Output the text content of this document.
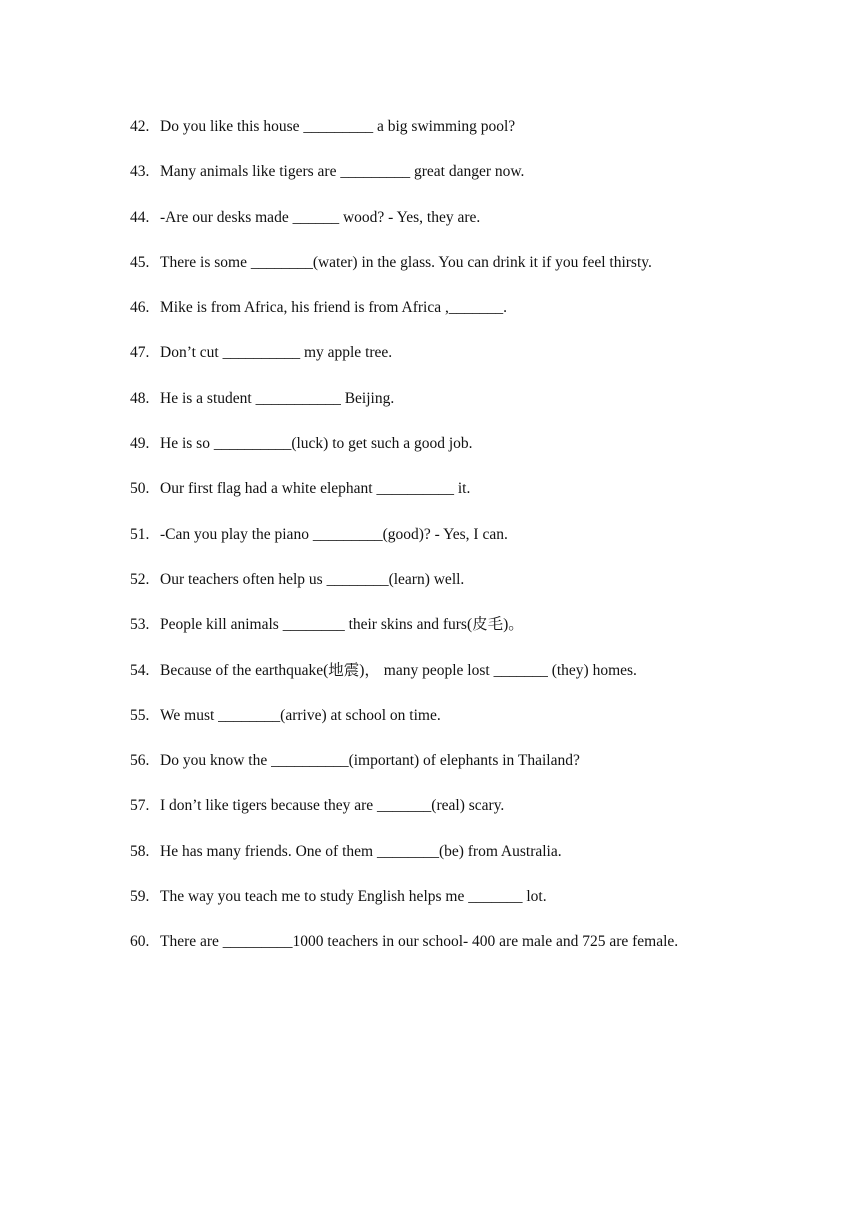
42. Do you like this house _________ a big swimming pool?
43. Many animals like tigers are _________ great danger now.
44. -Are our desks made ______ wood? - Yes, they are.
45. There is some ________(water) in the glass. You can drink it if you feel thirsty.
46. Mike is from Africa, his friend is from Africa ,_______.
47. Don’t cut __________ my apple tree.
48. He is a student ___________ Beijing.
49. He is so __________(luck) to get such a good job.
50. Our first flag had a white elephant __________ it.
51. -Can you play the piano _________(good)? - Yes, I can.
52. Our teachers often help us ________(learn) well.
53. People kill animals ________ their skins and furs(皮毛)。
54. Because of the earthquake(地震)， many people lost _______ (they) homes.
55. We must ________(arrive) at school on time.
56. Do you know the __________(important) of elephants in Thailand?
57. I don’t like tigers because they are _______(real) scary.
58. He has many friends. One of them ________(be) from Australia.
59. The way you teach me to study English helps me _______ lot.
60. There are _________1000 teachers in our school- 400 are male and 725 are female.
